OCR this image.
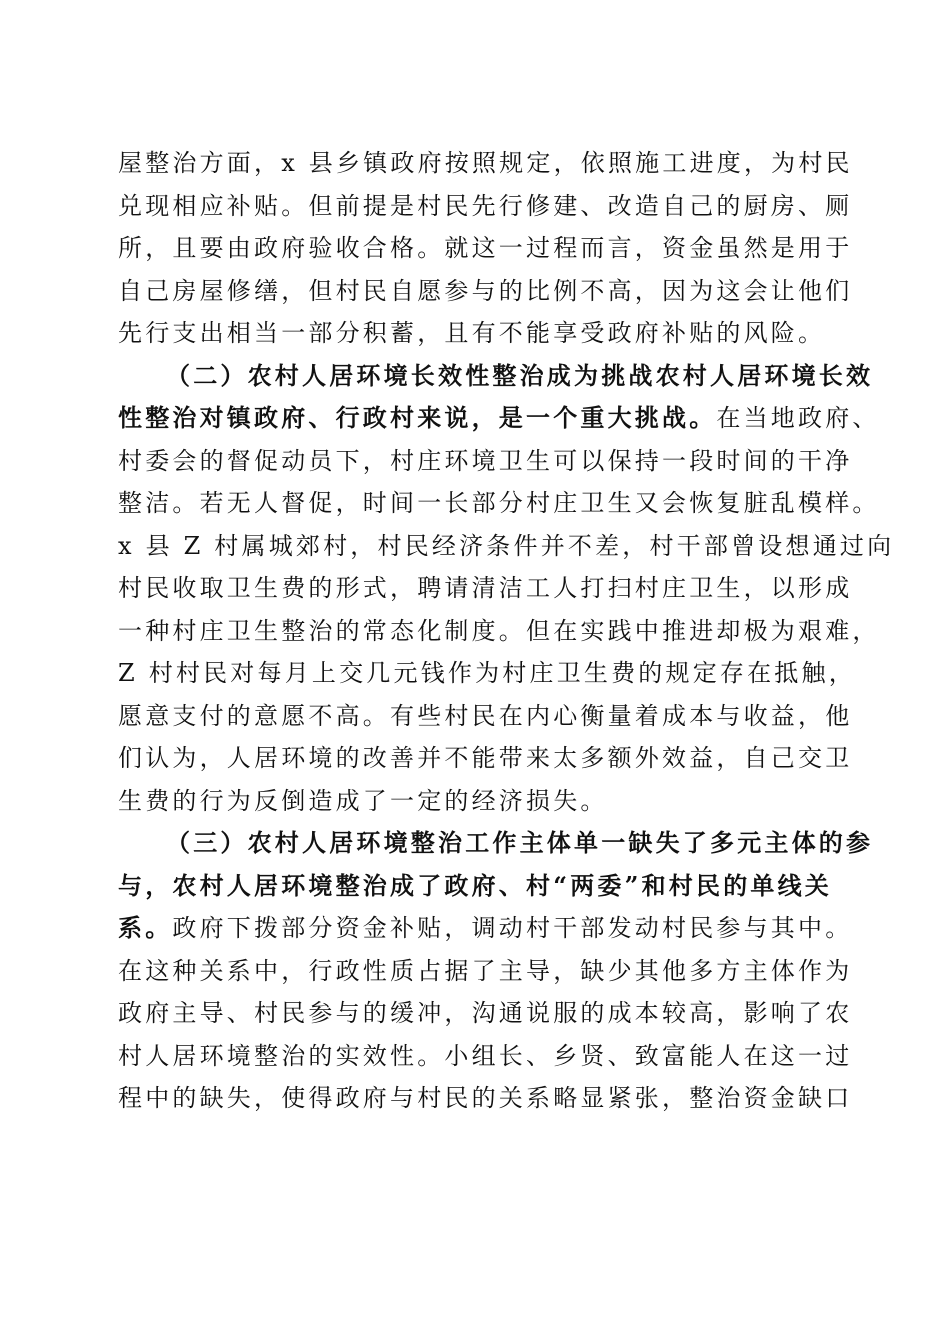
屋整治方面，x 县乡镇政府按照规定，依照施工进度，为村民
兑现相应补贴。但前提是村民先行修建、改造自己的厨房、厕
所，且要由政府验收合格。就这一过程而言，资金虽然是用于
自己房屋修缮，但村民自愿参与的比例不高，因为这会让他们
先行支出相当一部分积蓄，且有不能享受政府补贴的风险。
（二）农村人居环境长效性整治成为挑战农村人居环境长效
性整治对镇政府、行政村来说，是一个重大挑战。在当地政府、
村委会的督促动员下，村庄环境卫生可以保持一段时间的干净
整洁。若无人督促，时间一长部分村庄卫生又会恢复脏乱模样。
x 县 Z 村属城郊村，村民经济条件并不差，村干部曾设想通过向
村民收取卫生费的形式，聘请清洁工人打扫村庄卫生，以形成
一种村庄卫生整治的常态化制度。但在实践中推进却极为艰难，
Z 村村民对每月上交几元钱作为村庄卫生费的规定存在抵触，
愿意支付的意愿不高。有些村民在内心衡量着成本与收益，他
们认为，人居环境的改善并不能带来太多额外效益，自己交卫
生费的行为反倒造成了一定的经济损失。
（三）农村人居环境整治工作主体单一缺失了多元主体的参
与，农村人居环境整治成了政府、村“两委”和村民的单线关
系。政府下拨部分资金补贴，调动村干部发动村民参与其中。
在这种关系中，行政性质占据了主导，缺少其他多方主体作为
政府主导、村民参与的缓冲，沟通说服的成本较高，影响了农
村人居环境整治的实效性。小组长、乡贤、致富能人在这一过
程中的缺失，使得政府与村民的关系略显紧张，整治资金缺口
